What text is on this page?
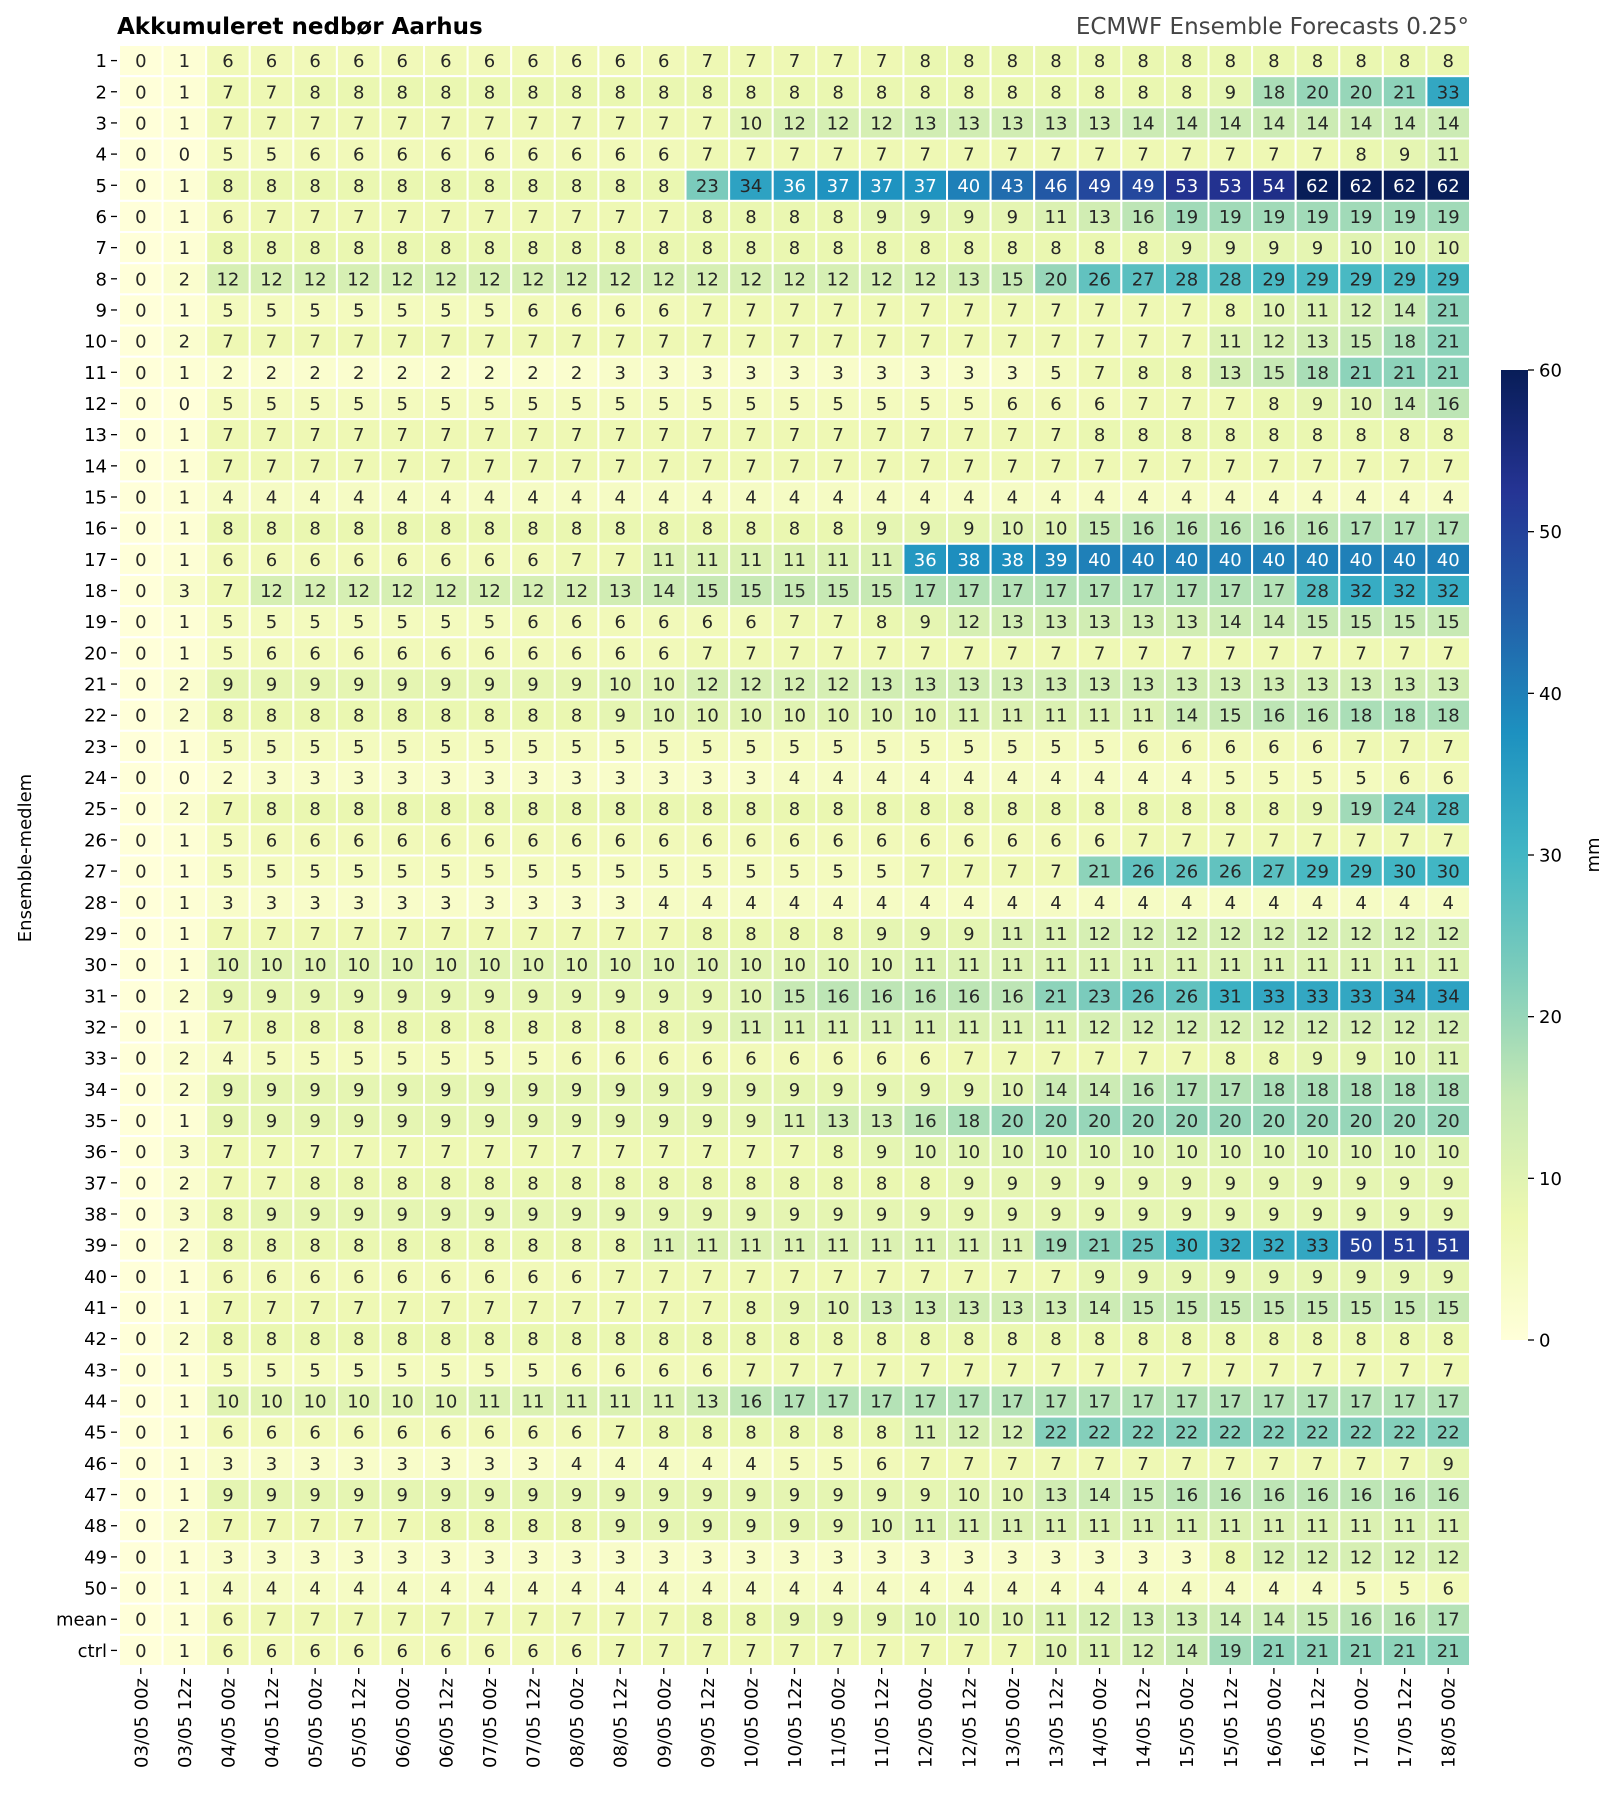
Akkumuleret nedbør Aarhus	ECMWF Ensemble Forecasts 0.25°
0 1 6 6 6 6 6 6 6 6 6 6 6 7 7 7 7 7 8 8 8 8 8 8 8 8 8 8 8 8 8
0 1 7 7 8 8 8 8 8 8 8 8 8 8 8 8 8 8 8 8 8 8 8 8 8 9 18 20 20 21 33
0 1 7 7 7 7 7 7 7 7 7 7 7 7 10 12 12 12 13 13 13 13 13 14 14 14 14 14 14 14 14
0 0 5 5 6 6 6 6 6 6 6 6 6 7 7 7 7 7 7 7 7 7 7 7 7 7 7 7 8 9 11
0 1 8 8 8 8 8 8 8 8 8 8 8 23 34 36 37 37 37 40 43 46 49 49 53 53 54 62 62 62 62
0 1 6 7 7 7 7 7 7 7 7 7 7 8 8 8 8 9 9 9 9 11 13 16 19 19 19 19 19 19 19
0 1 8 8 8 8 8 8 8 8 8 8 8 8 8 8 8 8 8 8 8 8 8 8 9 9 9 9 10 10 10
0 2 12 12 12 12 12 12 12 12 12 12 12 12 12 12 12 12 12 13 15 20 26 27 28 28 29 29 29 29 29
0 1 5 5 5 5 5 5 5 6 6 6 6 7 7 7 7 7 7 7 7 7 7 7 7 8 10 11 12 14 21
0 2 7 7 7 7 7 7 7 7 7 7 7 7 7 7 7 7 7 7 7 7 7 7 7 11 12 13 15 18 21
0 1 2 2 2 2 2 2 2 2 2 3 3 3 3 3 3 3 3 3 3 5 7 8 8 13 15 18 21 21 21
0 0 5 5 5 5 5 5 5 5 5 5 5 5 5 5 5 5 5 5 6 6 6 7 7 7 8 9 10 14 16
0 1 7 7 7 7 7 7 7 7 7 7 7 7 7 7 7 7 7 7 7 7 8 8 8 8 8 8 8 8 8
0 1 7 7 7 7 7 7 7 7 7 7 7 7 7 7 7 7 7 7 7 7 7 7 7 7 7 7 7 7 7
0 1 4 4 4 4 4 4 4 4 4 4 4 4 4 4 4 4 4 4 4 4 4 4 4 4 4 4 4 4 4
0 1 8 8 8 8 8 8 8 8 8 8 8 8 8 8 8 9 9 9 10 10 15 16 16 16 16 16 17 17 17
0 1 6 6 6 6 6 6 6 6 7 7 11 11 11 11 11 11 36 38 38 39 40 40 40 40 40 40 40 40 40
0 3 7 12 12 12 12 12 12 12 12 13 14 15 15 15 15 15 17 17 17 17 17 17 17 17 17 28 32 32 32
0 1 5 5 5 5 5 5 5 6 6 6 6 6 6 7 7 8 9 12 13 13 13 13 13 14 14 15 15 15 15
0 1 5 6 6 6 6 6 6 6 6 6 6 7 7 7 7 7 7 7 7 7 7 7 7 7 7 7 7 7 7
0 2 9 9 9 9 9 9 9 9 9 10 10 12 12 12 12 13 13 13 13 13 13 13 13 13 13 13 13 13 13
0 2 8 8 8 8 8 8 8 8 8 9 10 10 10 10 10 10 10 11 11 11 11 11 14 15 16 16 18 18 18
0 1 5 5 5 5 5 5 5 5 5 5 5 5 5 5 5 5 5 5 5 5 5 6 6 6 6 6 7 7 7
0 0 2 3 3 3 3 3 3 3 3 3 3 3 3 4 4 4 4 4 4 4 4 4 4 5 5 5 5 6 6
0 2 7 8 8 8 8 8 8 8 8 8 8 8 8 8 8 8 8 8 8 8 8 8 8 8 8 9 19 24 28
0 1 5 6 6 6 6 6 6 6 6 6 6 6 6 6 6 6 6 6 6 6 6 7 7 7 7 7 7 7 7
0 1 5 5 5 5 5 5 5 5 5 5 5 5 5 5 5 5 7 7 7 7 21 26 26 26 27 29 29 30 30
0 1 3 3 3 3 3 3 3 3 3 3 4 4 4 4 4 4 4 4 4 4 4 4 4 4 4 4 4 4 4
0 1 7 7 7 7 7 7 7 7 7 7 7 8 8 8 8 9 9 9 11 11 12 12 12 12 12 12 12 12 12
0 1 10 10 10 10 10 10 10 10 10 10 10 10 10 10 10 10 11 11 11 11 11 11 11 11 11 11 11 11 11
0 2 9 9 9 9 9 9 9 9 9 9 9 9 10 15 16 16 16 16 16 21 23 26 26 31 33 33 33 34 34
0 1 7 8 8 8 8 8 8 8 8 8 8 9 11 11 11 11 11 11 11 11 12 12 12 12 12 12 12 12 12
0 2 4 5 5 5 5 5 5 5 6 6 6 6 6 6 6 6 6 7 7 7 7 7 7 8 8 9 9 10 11
0 2 9 9 9 9 9 9 9 9 9 9 9 9 9 9 9 9 9 9 10 14 14 16 17 17 18 18 18 18 18
0 1 9 9 9 9 9 9 9 9 9 9 9 9 9 11 13 13 16 18 20 20 20 20 20 20 20 20 20 20 20
0 3 7 7 7 7 7 7 7 7 7 7 7 7 7 7 8 9 10 10 10 10 10 10 10 10 10 10 10 10 10
0 2 7 7 8 8 8 8 8 8 8 8 8 8 8 8 8 8 8 9 9 9 9 9 9 9 9 9 9 9 9
0 3 8 9 9 9 9 9 9 9 9 9 9 9 9 9 9 9 9 9 9 9 9 9 9 9 9 9 9 9 9
0 2 8 8 8 8 8 8 8 8 8 8 11 11 11 11 11 11 11 11 11 19 21 25 30 32 32 33 50 51 51
0 1 6 6 6 6 6 6 6 6 6 7 7 7 7 7 7 7 7 7 7 7 9 9 9 9 9 9 9 9 9
0 1 7 7 7 7 7 7 7 7 7 7 7 7 8 9 10 13 13 13 13 13 14 15 15 15 15 15 15 15 15
0 2 8 8 8 8 8 8 8 8 8 8 8 8 8 8 8 8 8 8 8 8 8 8 8 8 8 8 8 8 8
0 1 5 5 5 5 5 5 5 5 6 6 6 6 7 7 7 7 7 7 7 7 7 7 7 7 7 7 7 7 7
0 1 10 10 10 10 10 10 11 11 11 11 11 13 16 17 17 17 17 17 17 17 17 17 17 17 17 17 17 17 17
0 1 6 6 6 6 6 6 6 6 6 7 8 8 8 8 8 8 11 12 12 22 22 22 22 22 22 22 22 22 22
0 1 3 3 3 3 3 3 3 3 4 4 4 4 4 5 5 6 7 7 7 7 7 7 7 7 7 7 7 7 9
0 1 9 9 9 9 9 9 9 9 9 9 9 9 9 9 9 9 9 10 10 13 14 15 16 16 16 16 16 16 16
0 2 7 7 7 7 7 8 8 8 8 9 9 9 9 9 9 10 11 11 11 11 11 11 11 11 11 11 11 11 11
0 1 3 3 3 3 3 3 3 3 3 3 3 3 3 3 3 3 3 3 3 3 3 3 3 8 12 12 12 12 12
0 1 4 4 4 4 4 4 4 4 4 4 4 4 4 4 4 4 4 4 4 4 4 4 4 4 4 4 5 5 6
0 1 6 7 7 7 7 7 7 7 7 7 7 8 8 9 9 9 10 10 10 11 12 13 13 14 14 15 16 16 17
0 1 6 6 6 6 6 6 6 6 6 7 7 7 7 7 7 7 7 7 7 10 11 12 14 19 21 21 21 21 21
1
2
3
4
5
6
7
8
9
10
11
12
13
14
15
16
17
18
19
20
21
22
23
24
25
26
27
28
29
30
31
32
33
34
35
36
37
38
39
40
41
42
43
44
45
46
47
48
49
50
mean
ctrl
03/05 00z 03/05 12z 04/05 00z 04/05 12z 05/05 00z 05/05 12z 06/05 00z 06/05 12z 07/05 00z 07/05 12z 08/05 00z 08/05 12z 09/05 00z 09/05 12z 10/05 00z 10/05 12z 11/05 00z 11/05 12z 12/05 00z 12/05 12z 13/05 00z 13/05 12z 14/05 00z 14/05 12z 15/05 00z 15/05 12z 16/05 00z 16/05 12z 17/05 00z 17/05 12z 18/05 00z
Ensemble-medlem
0
10
20
30
40
50
60
mm
